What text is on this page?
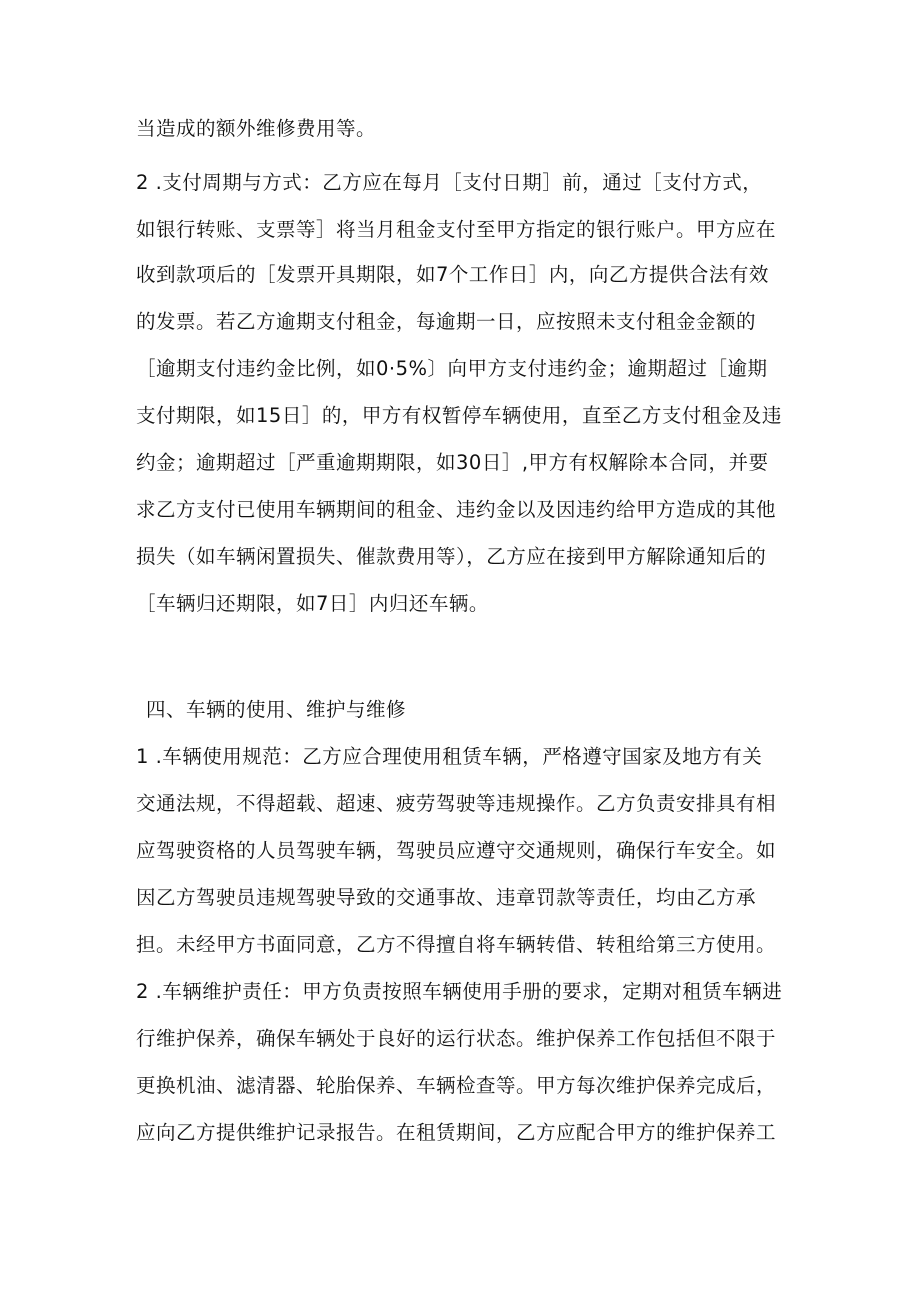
当造成的额外维修费用等。
2 .支付周期与方式：乙方应在每月［支付日期］前，通过［支付方式，
如银行转账、支票等］将当月租金支付至甲方指定的银行账户。甲方应在
收到款项后的［发票开具期限，如7个工作日］内，向乙方提供合法有效
的发票。若乙方逾期支付租金，每逾期一日，应按照未支付租金金额的
［逾期支付违约金比例，如0·5%〕向甲方支付违约金；逾期超过［逾期
支付期限，如15日］的，甲方有权暂停车辆使用，直至乙方支付租金及违
约金；逾期超过［严重逾期期限，如30日］,甲方有权解除本合同，并要
求乙方支付已使用车辆期间的租金、违约金以及因违约给甲方造成的其他
损失（如车辆闲置损失、催款费用等），乙方应在接到甲方解除通知后的
［车辆归还期限，如7日］内归还车辆。
四、车辆的使用、维护与维修
1 .车辆使用规范：乙方应合理使用租赁车辆，严格遵守国家及地方有关
交通法规，不得超载、超速、疲劳驾驶等违规操作。乙方负责安排具有相
应驾驶资格的人员驾驶车辆，驾驶员应遵守交通规则，确保行车安全。如
因乙方驾驶员违规驾驶导致的交通事故、违章罚款等责任，均由乙方承
担。未经甲方书面同意，乙方不得擅自将车辆转借、转租给第三方使用。
2 .车辆维护责任：甲方负责按照车辆使用手册的要求，定期对租赁车辆进
行维护保养，确保车辆处于良好的运行状态。维护保养工作包括但不限于
更换机油、滤清器、轮胎保养、车辆检查等。甲方每次维护保养完成后，
应向乙方提供维护记录报告。在租赁期间，乙方应配合甲方的维护保养工
